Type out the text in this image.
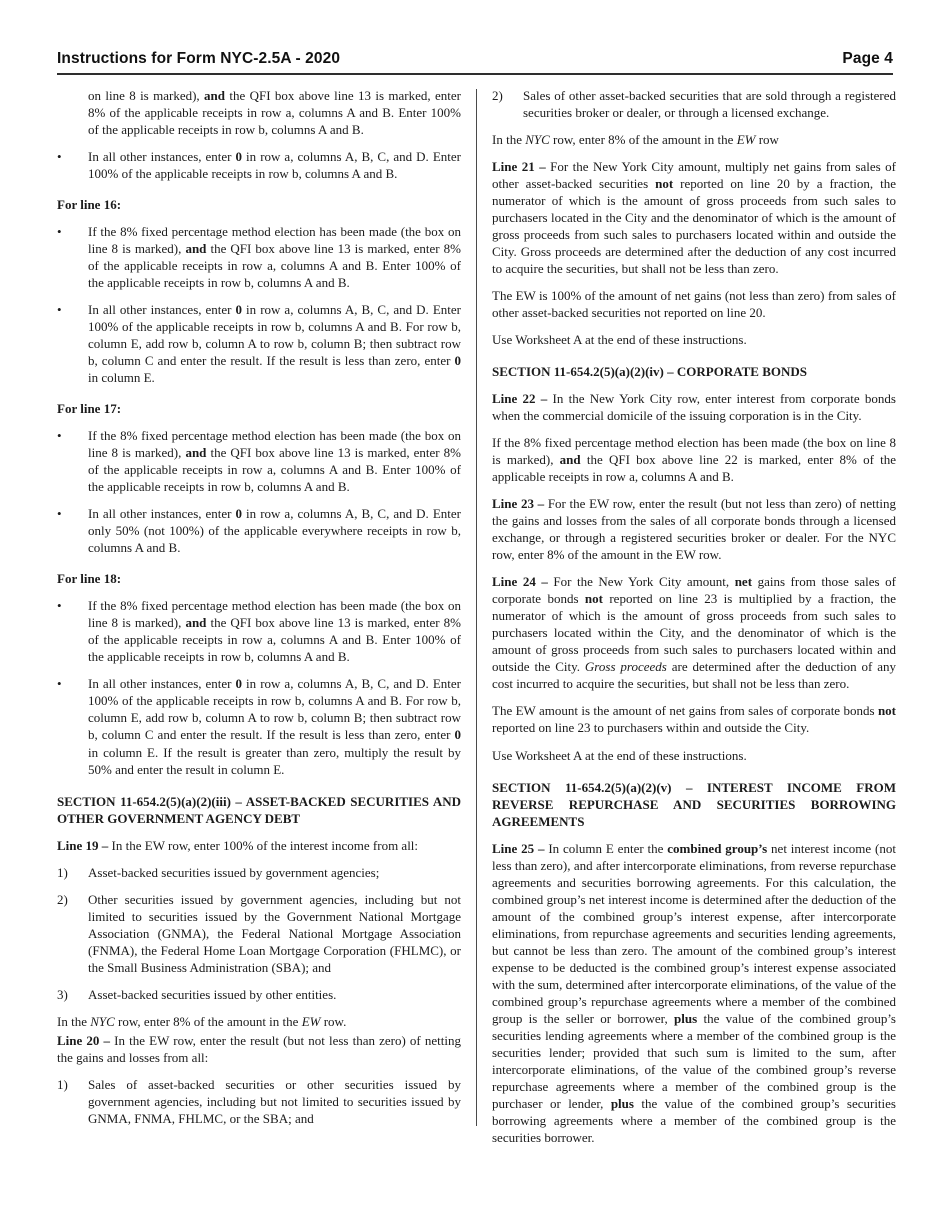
Instructions for Form NYC-2.5A - 2020	Page 4
on line 8 is marked), and the QFI box above line 13 is marked, enter 8% of the applicable receipts in row a, columns A and B. Enter 100% of the applicable receipts in row b, columns A and B.
•	In all other instances, enter 0 in row a, columns A, B, C, and D. Enter 100% of the applicable receipts in row b, columns A and B.
For line 16:
•	If the 8% fixed percentage method election has been made (the box on line 8 is marked), and the QFI box above line 13 is marked, enter 8% of the applicable receipts in row a, columns A and B. Enter 100% of the applicable receipts in row b, columns A and B.
•	In all other instances, enter 0 in row a, columns A, B, C, and D. Enter 100% of the applicable receipts in row b, columns A and B. For row b, column E, add row b, column A to row b, column B; then subtract row b, column C and enter the result. If the result is less than zero, enter 0 in column E.
For line 17:
•	If the 8% fixed percentage method election has been made (the box on line 8 is marked), and the QFI box above line 13 is marked, enter 8% of the applicable receipts in row a, columns A and B. Enter 100% of the applicable receipts in row b, columns A and B.
•	In all other instances, enter 0 in row a, columns A, B, C, and D. Enter only 50% (not 100%) of the applicable everywhere receipts in row b, columns A and B.
For line 18:
•	If the 8% fixed percentage method election has been made (the box on line 8 is marked), and the QFI box above line 13 is marked, enter 8% of the applicable receipts in row a, columns A and B. Enter 100% of the applicable receipts in row b, columns A and B.
•	In all other instances, enter 0 in row a, columns A, B, C, and D. Enter 100% of the applicable receipts in row b, columns A and B. For row b, column E, add row b, column A to row b, column B; then subtract row b, column C and enter the result. If the result is less than zero, enter 0 in column E. If the result is greater than zero, multiply the result by 50% and enter the result in column E.
SECTION 11-654.2(5)(a)(2)(iii) – ASSET-BACKED SECURITIES AND OTHER GOVERNMENT AGENCY DEBT
Line 19 – In the EW row, enter 100% of the interest income from all:
1)	Asset-backed securities issued by government agencies;
2)	Other securities issued by government agencies, including but not limited to securities issued by the Government National Mortgage Association (GNMA), the Federal National Mortgage Association (FNMA), the Federal Home Loan Mortgage Corporation (FHLMC), or the Small Business Administration (SBA); and
3)	Asset-backed securities issued by other entities.
In the NYC row, enter 8% of the amount in the EW row.
Line 20 – In the EW row, enter the result (but not less than zero) of netting the gains and losses from all:
1)	Sales of asset-backed securities or other securities issued by government agencies, including but not limited to securities issued by GNMA, FNMA, FHLMC, or the SBA; and
2)	Sales of other asset-backed securities that are sold through a registered securities broker or dealer, or through a licensed exchange.
In the NYC row, enter 8% of the amount in the EW row
Line 21 – For the New York City amount, multiply net gains from sales of other asset-backed securities not reported on line 20 by a fraction, the numerator of which is the amount of gross proceeds from such sales to purchasers located in the City and the denominator of which is the amount of gross proceeds from such sales to purchasers located within and outside the City. Gross proceeds are determined after the deduction of any cost incurred to acquire the securities, but shall not be less than zero.
The EW is 100% of the amount of net gains (not less than zero) from sales of other asset-backed securities not reported on line 20.
Use Worksheet A at the end of these instructions.
SECTION 11-654.2(5)(a)(2)(iv) – CORPORATE BONDS
Line 22 – In the New York City row, enter interest from corporate bonds when the commercial domicile of the issuing corporation is in the City.
If the 8% fixed percentage method election has been made (the box on line 8 is marked), and the QFI box above line 22 is marked, enter 8% of the applicable receipts in row a, columns A and B.
Line 23 – For the EW row, enter the result (but not less than zero) of netting the gains and losses from the sales of all corporate bonds through a licensed exchange, or through a registered securities broker or dealer. For the NYC row, enter 8% of the amount in the EW row.
Line 24 – For the New York City amount, net gains from those sales of corporate bonds not reported on line 23 is multiplied by a fraction, the numerator of which is the amount of gross proceeds from such sales to purchasers located within the City, and the denominator of which is the amount of gross proceeds from such sales to purchasers located within and outside the City. Gross proceeds are determined after the deduction of any cost incurred to acquire the securities, but shall not be less than zero.
The EW amount is the amount of net gains from sales of corporate bonds not reported on line 23 to purchasers within and outside the City.
Use Worksheet A at the end of these instructions.
SECTION 11-654.2(5)(a)(2)(v) – INTEREST INCOME FROM REVERSE REPURCHASE AND SECURITIES BORROWING AGREEMENTS
Line 25 – In column E enter the combined group’s net interest income (not less than zero), and after intercorporate eliminations, from reverse repurchase agreements and securities borrowing agreements. For this calculation, the combined group’s net interest income is determined after the deduction of the amount of the combined group’s interest expense, after intercorporate eliminations, from repurchase agreements and securities lending agreements, but cannot be less than zero. The amount of the combined group’s interest expense to be deducted is the combined group’s interest expense associated with the sum, determined after intercorporate eliminations, of the value of the combined group’s repurchase agreements where a member of the combined group is the seller or borrower, plus the value of the combined group’s securities lending agreements where a member of the combined group is the securities lender; provided that such sum is limited to the sum, after intercorporate eliminations, of the value of the combined group’s reverse repurchase agreements where a member of the combined group is the purchaser or lender, plus the value of the combined group’s securities borrowing agreements where a member of the combined group is the securities borrower.
